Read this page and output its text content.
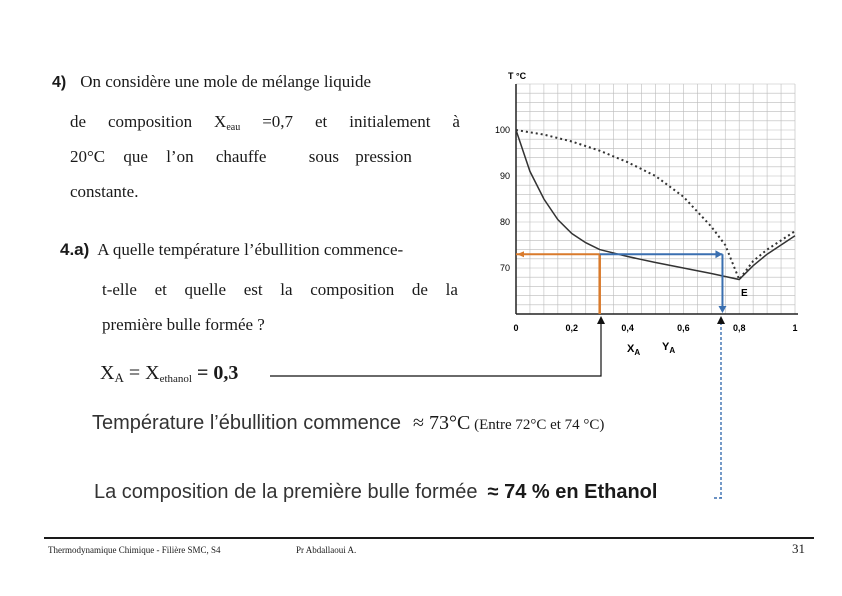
4) On considère une mole de mélange liquide
de composition $X_{eau} =0,7$ et initialement à
20°C que l’on chauffe sous pression
constante.
4.a) A quelle température l’ébullition commence-
t-elle et quelle est la composition de la
première bulle formée ?
$X_A = X_{ethanol} = 0,3$
Température l’ébullition commence ≈ 73°C (Entre 72°C et 74 °C)
La composition de la première bulle formée ≈ 74 % en Ethanol
T °C
100
90
80
70
0	0,2	0,4	0,6	0,8	1
$X_A$ $Y_A$
E
Thermodynamique Chimique - Filière SMC, S4	Pr Abdallaoui A.	31
